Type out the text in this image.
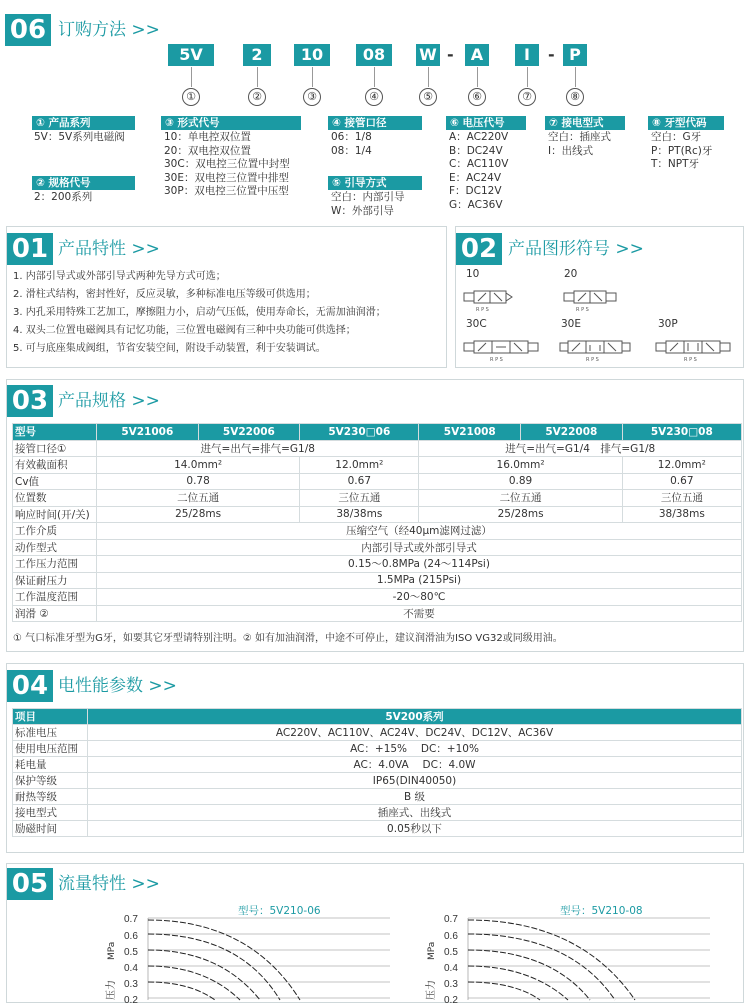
06 订购方法 >>
5V	2	10	08	W -	A	I	- P
①	②	③	④	⑤	⑥	⑦	⑧
① 产品系列
5V：5V系列电磁阀
② 规格代号
2：200系列
③ 形式代号
10：单电控双位置
20：双电控双位置
30C：双电控三位置中封型
30E：双电控三位置中排型
30P：双电控三位置中压型
④ 接管口径
06：1/8
08：1/4
⑤ 引导方式
空白：内部引导
W：外部引导
⑥ 电压代号
A：AC220V
B：DC24V
C：AC110V
E：AC24V
F：DC12V
G：AC36V
⑦ 接电型式
空白：插座式
I：出线式
⑧ 牙型代码
空白：G牙
P：PT(Rc)牙
T：NPT牙
01 产品特性 >>
1. 内部引导式或外部引导式两种先导方式可选；
2. 滑柱式结构，密封性好，反应灵敏，多种标准电压等级可供选用；
3. 内孔采用特殊工艺加工，摩擦阻力小，启动气压低，使用寿命长，无需加油润滑；
4. 双头二位置电磁阀具有记忆功能，三位置电磁阀有三种中央功能可供选择；
5. 可与底座集成阀组，节省安装空间，附设手动装置，利于安装调试。
02 产品图形符号 >>
10	20
30C	30E	30P
R P S	R P S
R P S	R P S	R P S
03 产品规格 >>
型号	5V21006	5V22006	5V230□06	5V21008	5V22008	5V230□08
接管口径①	进气=出气=排气=G1/8			进气=出气=G1/4　排气=G1/8		
有效截面积	14.0mm²		12.0mm²	16.0mm²		12.0mm²
Cv值	0.78		0.67	0.89		0.67
位置数	二位五通		三位五通	二位五通		三位五通
响应时间(开/关)	25/28ms		38/38ms	25/28ms		38/38ms
工作介质	压缩空气（经40μm滤网过滤）					
动作型式	内部引导式或外部引导式					
工作压力范围	0.15～0.8MPa (24～114Psi)					
保证耐压力	1.5MPa (215Psi)					
工作温度范围	-20～80℃					
润滑 ②	不需要					
① 气口标准牙型为G牙，如要其它牙型请特别注明。② 如有加油润滑，中途不可停止，建议润滑油为ISO VG32或同级用油。
04 电性能参数 >>
项目	5V200系列
标准电压	AC220V、AC110V、AC24V、DC24V、DC12V、AC36V
使用电压范围	AC：+15%　 DC：+10%
耗电量	AC：4.0VA　 DC：4.0W
保护等级	IP65(DIN40050)
耐热等级	B 级
接电型式	插座式、出线式
励磁时间	0.05秒以下
05 流量特性 >>
型号：5V210-06	型号：5V210-08
0.7
0.6
0.5
0.4
0.3
0.2
MPa
压力
0.7
0.6
0.5
0.4
0.3
0.2
MPa
压力
